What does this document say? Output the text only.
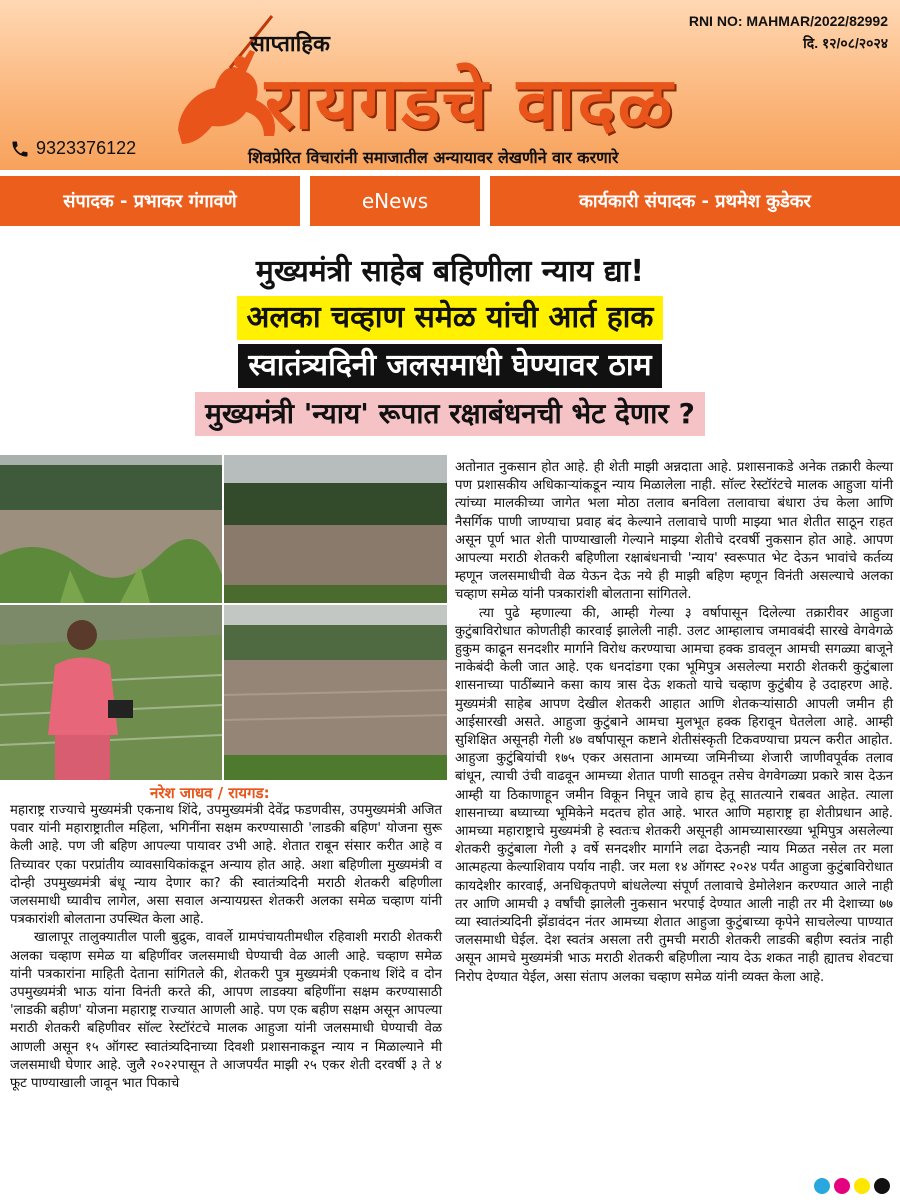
साप्ताहिक
रायगडचे वादळ
RNI NO: MAHMAR/2022/82992
दि. १२/०८/२०२४
9323376122	शिवप्रेरित विचारांनी समाजातील अन्यायावर लेखणीने वार करणारे
संपादक - प्रभाकर गंगावणे	eNews	कार्यकारी संपादक - प्रथमेश कुडेकर
मुख्यमंत्री साहेब बहिणीला न्याय द्या!
अलका चव्हाण समेळ यांची आर्त हाक
स्वातंत्र्यदिनी जलसमाधी घेण्यावर ठाम
मुख्यमंत्री 'न्याय' रूपात रक्षाबंधनची भेट देणार ?
नरेश जाधव / रायगड:

महाराष्ट्र राज्याचे मुख्यमंत्री एकनाथ शिंदे, उपमुख्यमंत्री देवेंद्र फडणवीस, उपमुख्यमंत्री अजित पवार यांनी महाराष्ट्रातील महिला, भगिनींना सक्षम करण्यासाठी 'लाडकी बहिण' योजना सुरू केली आहे. पण जी बहिण आपल्या पायावर उभी आहे. शेतात राबून संसार करीत आहे व तिच्यावर एका परप्रांतीय व्यावसायिकांकडून अन्याय होत आहे. अशा बहिणीला मुख्यमंत्री व दोन्ही उपमुख्यमंत्री बंधू न्याय देणार का? की स्वातंत्र्यदिनी मराठी शेतकरी बहिणीला जलसमाधी घ्यावीच लागेल, असा सवाल अन्यायग्रस्त शेतकरी अलका समेळ चव्हाण यांनी पत्रकारांशी बोलताना उपस्थित केला आहे.

खालापूर तालुक्यातील पाली बुद्रुक, वावर्ले ग्रामपंचायतीमधील रहिवाशी मराठी शेतकरी अलका चव्हाण समेळ या बहिणींवर जलसमाधी घेण्याची वेळ आली आहे. चव्हाण समेळ यांनी पत्रकारांना माहिती देताना सांगितले की, शेतकरी पुत्र मुख्यमंत्री एकनाथ शिंदे व दोन उपमुख्यमंत्री भाऊ यांना विनंती करते की, आपण लाडक्या बहिणींना सक्षम करण्यासाठी 'लाडकी बहीण' योजना महाराष्ट्र राज्यात आणली आहे. पण एक बहीण सक्षम असून आपल्या मराठी शेतकरी बहिणीवर सॉल्ट रेस्टॉरंटचे मालक आहुजा यांनी जलसमाधी घेण्याची वेळ आणली असून १५ ऑगस्ट स्वातंत्र्यदिनाच्या दिवशी प्रशासनाकडून न्याय न मिळाल्याने मी जलसमाधी घेणार आहे. जुलै २०२२पासून ते आजपर्यंत माझी २५ एकर शेती दरवर्षी ३ ते ४ फूट पाण्याखाली जावून भात पिकाचे

अतोनात नुकसान होत आहे. ही शेती माझी अन्नदाता आहे. प्रशासनाकडे अनेक तक्रारी केल्या पण प्रशासकीय अधिकाऱ्यांकडून न्याय मिळालेला नाही. सॉल्ट रेस्टॉरंटचे मालक आहुजा यांनी त्यांच्या मालकीच्या जागेत भला मोठा तलाव बनविला तलावाचा बंधारा उंच केला आणि नैसर्गिक पाणी जाण्याचा प्रवाह बंद केल्याने तलावाचे पाणी माझ्या भात शेतीत साठून राहत असून पूर्ण भात शेती पाण्याखाली गेल्याने माझ्या शेतीचे दरवर्षी नुकसान होत आहे. आपण आपल्या मराठी शेतकरी बहिणीला रक्षाबंधनाची 'न्याय' स्वरूपात भेट देऊन भावांचे कर्तव्य म्हणून जलसमाधीची वेळ येऊन देऊ नये ही माझी बहिण म्हणून विनंती असल्याचे अलका चव्हाण समेळ यांनी पत्रकारांशी बोलताना सांगितले.

त्या पुढे म्हणाल्या की, आम्ही गेल्या ३ वर्षापासून दिलेल्या तक्रारीवर आहुजा कुटुंबाविरोधात कोणतीही कारवाई झालेली नाही. उलट आम्हालाच जमावबंदी सारखे वेगवेगळे हुकुम काढून सनदशीर मार्गाने विरोध करण्याचा आमचा हक्क डावलून आमची सगळ्या बाजूने नाकेबंदी केली जात आहे. एक धनदांडगा एका भूमिपुत्र असलेल्या मराठी शेतकरी कुटुंबाला शासनाच्या पाठींब्याने कसा काय त्रास देऊ शकतो याचे चव्हाण कुटुंबीय हे उदाहरण आहे. मुख्यमंत्री साहेब आपण देखील शेतकरी आहात आणि शेतकऱ्यांसाठी आपली जमीन ही आईसारखी असते. आहुजा कुटुंबाने आमचा मुलभूत हक्क हिरावून घेतलेला आहे. आम्ही सुशिक्षित असूनही गेली ४७ वर्षापासून कष्टाने शेतीसंस्कृती टिकवण्याचा प्रयत्न करीत आहोत. आहुजा कुटुंबियांची १७५ एकर असताना आमच्या जमिनीच्या शेजारी जाणीवपूर्वक तलाव बांधून, त्याची उंची वाढवून आमच्या शेतात पाणी साठवून तसेच वेगवेगळ्या प्रकारे त्रास देऊन आम्ही या ठिकाणाहून जमीन विकून निघून जावे हाच हेतू सातत्याने राबवत आहेत. त्याला शासनाच्या बघ्याच्या भूमिकेने मदतच होत आहे. भारत आणि महाराष्ट्र हा शेतीप्रधान आहे. आमच्या महाराष्ट्राचे मुख्यमंत्री हे स्वतःच शेतकरी असूनही आमच्यासारख्या भूमिपुत्र असलेल्या शेतकरी कुटुंबाला गेली ३ वर्षे सनदशीर मार्गाने लढा देऊनही न्याय मिळत नसेल तर मला आत्महत्या केल्याशिवाय पर्याय नाही. जर मला १४ ऑगस्ट २०२४ पर्यंत आहुजा कुटुंबाविरोधात कायदेशीर कारवाई, अनधिकृतपणे बांधलेल्या संपूर्ण तलावाचे डेमोलेशन करण्यात आले नाही तर आणि आमची ३ वर्षांची झालेली नुकसान भरपाई देण्यात आली नाही तर मी देशाच्या ७७ व्या स्वातंत्र्यदिनी झेंडावंदन नंतर आमच्या शेतात आहुजा कुटुंबाच्या कृपेने साचलेल्या पाण्यात जलसमाधी घेईल. देश स्वतंत्र असला तरी तुमची मराठी शेतकरी लाडकी बहीण स्वतंत्र नाही असून आमचे मुख्यमंत्री भाऊ मराठी शेतकरी बहिणीला न्याय देऊ शकत नाही ह्यातच शेवटचा निरोप देण्यात येईल, असा संताप अलका चव्हाण समेळ यांनी व्यक्त केला आहे.
